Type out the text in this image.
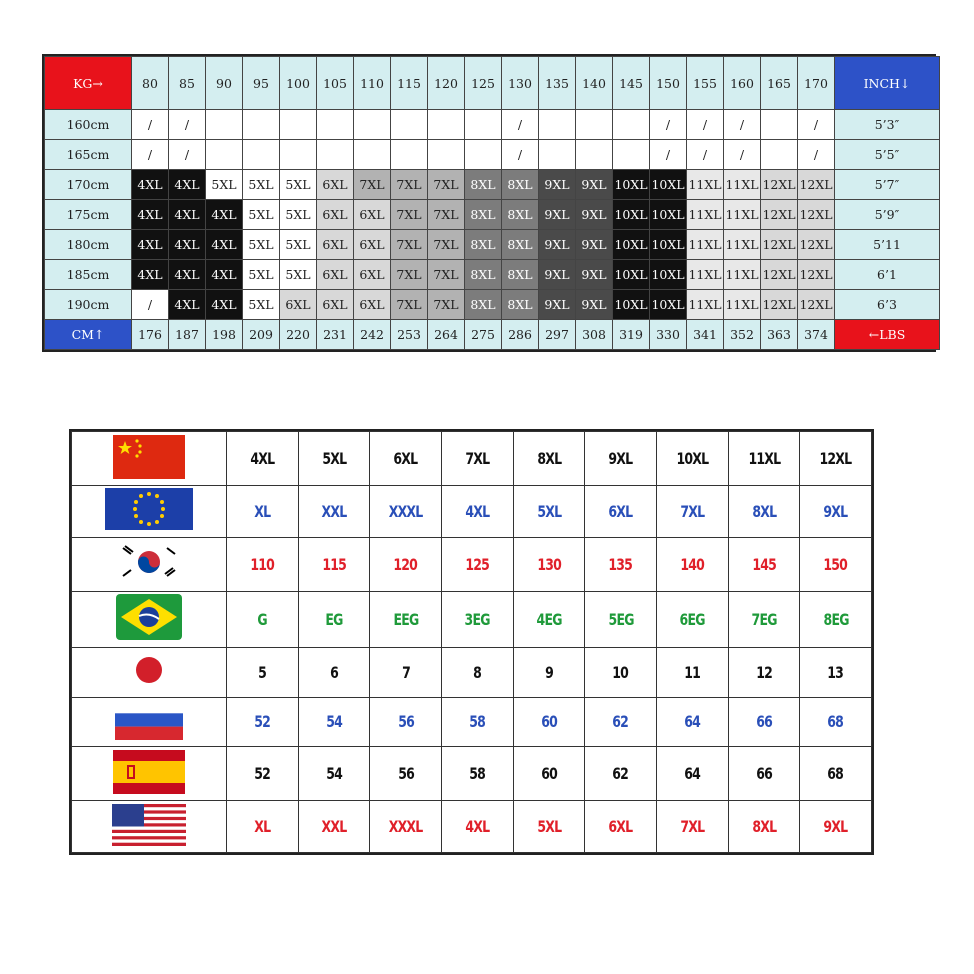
KG→	80	85	90	95	100	105	110	115	120	125	130	135	140	145	150	155	160	165	170	INCH↓
160cm	/	/									/				/	/	/		/	5’3″
165cm	/	/									/				/	/	/		/	5’5″
170cm	4XL	4XL	5XL	5XL	5XL	6XL	7XL	7XL	7XL	8XL	8XL	9XL	9XL	10XL	10XL	11XL	11XL	12XL	12XL	5’7″
175cm	4XL	4XL	4XL	5XL	5XL	6XL	6XL	7XL	7XL	8XL	8XL	9XL	9XL	10XL	10XL	11XL	11XL	12XL	12XL	5’9″
180cm	4XL	4XL	4XL	5XL	5XL	6XL	6XL	7XL	7XL	8XL	8XL	9XL	9XL	10XL	10XL	11XL	11XL	12XL	12XL	5’11
185cm	4XL	4XL	4XL	5XL	5XL	6XL	6XL	7XL	7XL	8XL	8XL	9XL	9XL	10XL	10XL	11XL	11XL	12XL	12XL	6’1
190cm	/	4XL	4XL	5XL	6XL	6XL	6XL	7XL	7XL	8XL	8XL	9XL	9XL	10XL	10XL	11XL	11XL	12XL	12XL	6’3
CM↑	176	187	198	209	220	231	242	253	264	275	286	297	308	319	330	341	352	363	374	←LBS
	4XL	5XL	6XL	7XL	8XL	9XL	10XL	11XL	12XL
	XL	XXL	XXXL	4XL	5XL	6XL	7XL	8XL	9XL
	110	115	120	125	130	135	140	145	150
	G	EG	EEG	3EG	4EG	5EG	6EG	7EG	8EG
	5	6	7	8	9	10	11	12	13
	52	54	56	58	60	62	64	66	68
	52	54	56	58	60	62	64	66	68
	XL	XXL	XXXL	4XL	5XL	6XL	7XL	8XL	9XL
